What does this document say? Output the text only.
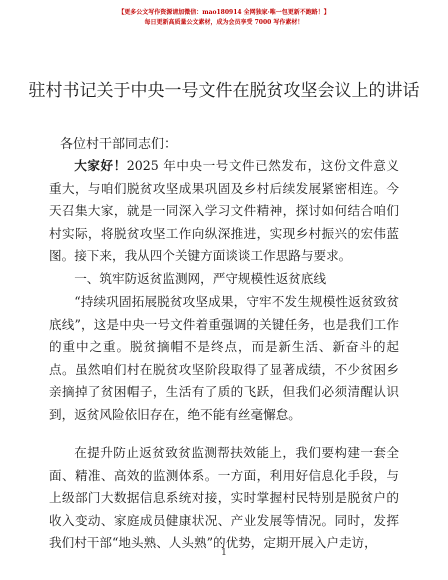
【更多公文写作资源请加微信：mao180914 全网独家·唯一包更新不跑路！】
每日更新高质量公文素材，成为会员享受 7000 写作素材！
驻村书记关于中央一号文件在脱贫攻坚会议上的讲话
各位村干部同志们：

大家好！2025 年中央一号文件已然发布，这份文件意义重大，与咱们脱贫攻坚成果巩固及乡村后续发展紧密相连。今天召集大家，就是一同深入学习文件精神，探讨如何结合咱们村实际，将脱贫攻坚工作向纵深推进，实现乡村振兴的宏伟蓝图。接下来，我从四个关键方面谈谈工作思路与要求。

一、筑牢防返贫监测网，严守规模性返贫底线

“持续巩固拓展脱贫攻坚成果，守牢不发生规模性返贫致贫底线”，这是中央一号文件着重强调的关键任务，也是我们工作的重中之重。脱贫摘帽不是终点，而是新生活、新奋斗的起点。虽然咱们村在脱贫攻坚阶段取得了显著成绩，不少贫困乡亲摘掉了贫困帽子，生活有了质的飞跃，但我们必须清醒认识到，返贫风险依旧存在，绝不能有丝毫懈怠。

在提升防止返贫致贫监测帮扶效能上，我们要构建一套全面、精准、高效的监测体系。一方面，利用好信息化手段，与上级部门大数据信息系统对接，实时掌握村民特别是脱贫户的收入变动、家庭成员健康状况、产业发展等情况。同时，发挥我们村干部“地头熟、人头熟”的优势，定期开展入户走访，

1
